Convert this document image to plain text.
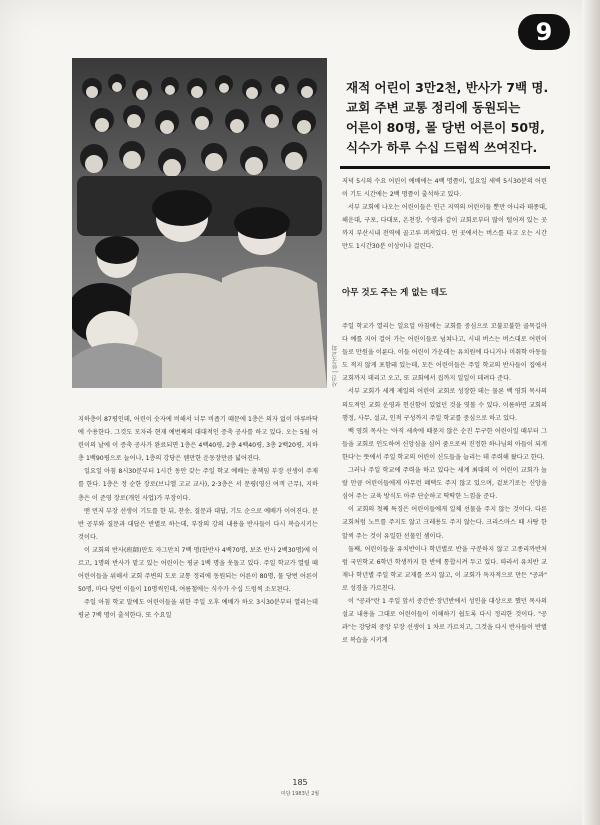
9
사진 | 한국교회
재적 어린이 3만2천, 반사가 7백 명.
교회 주변 교통 정리에 동원되는
어른이 80명, 몰 당번 어른이 50명,
식수가 하루 수십 드럼씩 쓰여진다.

저녁 5시의 수요 어린이 예배에는 4백 명쯤이, 일요일 새벽 5시30분의 어린이 기도 시간에는 2백 명쯤이 출석하고 있다.

서부 교회에 나오는 어린이들은 인근 지역의 어린이들 뿐만 아니라 태종대, 해운대, 구포, 다대포, 온천장, 수영과 같이 교회로부터 많이 떨어져 있는 곳까지 부산시내 전역에 골고루 퍼져있다. 먼 곳에서는 버스를 타고 오는 시간만도 1시간30분 이상이나 걸린다.

아무 것도 주는 게 없는 데도

주일 학교가 열리는 일요일 아침에는 교회를 중심으로 꼬불꼬불한 골목길마다 예를 지어 걸어 가는 어린이들로 넘쳐나고, 시내 버스는 버스대로 어린이들로 만원을 이룬다. 이들 어린이 가운데는 유치원에 다니거나 미취학 아동들도 적지 않게 포함돼 있는데, 모든 어린이들은 주일 학교의 반사들이 집에서 교회까지 데리고 오고, 또 교회에서 집까지 일일이 데려다 준다.

서부 교회가 세계 제일의 어린이 교회로 성장한 데는 물론 백 영희 목사의 의도적인 교회 운영과 헌신함이 있었던 것을 엿볼 수 있다. 이름하면 교회의 행정, 사무, 설교, 인적 구성까지 주일 학교를 중심으로 하고 있다.

백 영희 목사는 '아직 세속에 때묻지 않은 순진 무구한 어린이일 때부터 그들을 교회로 인도하여 신앙심을 심어 줌으로써 진정한 하나님의 아들이 되게 한다'는 뜻에서 주일 학교의 어린이 신도들을 늘리는 데 주력해 왔다고 한다.

그러나 주일 학교에 주력을 하고 있다는 세계 최대의 이 어린이 교회가 놀랄 만큼 어린이들에게 아무런 혜택도 주지 않고 있으며, 겉보기로는 신앙을 심어 주는 교육 방식도 아주 단순하고 딱딱한 느낌을 준다.

이 교회의 첫째 특징은 어린이들에게 일체 선물을 주지 않는 것이다. 다른 교회처럼 노트를 주지도 않고 크레용도 주지 않는다. 크리스마스 때 사탕 한 알씩 주는 것이 유일한 선물인 셈이다.

둘째, 어린이들을 유치반이나 학년별로 반을 구분하지 않고 고종리까반처럼 국민학교 6학년 학생까지 한 반에 통합시켜 두고 있다. 따라서 유치반 교재나 학년별 주일 학교 교재를 쓰지 않고, 이 교회가 독자적으로 만든 "공과" 로 성경을 가르친다.

이 "공과"란 1 주일 앞서 중간반·장년반에서 성인을 대상으로 했던 목사의 설교 내용을 그대로 어린이들이 이해하기 쉽도록 다시 정리한 것이다. "공과"는 강당의 중앙 부장 선생이 1 차로 가르치고, 그것을 다시 반사들이 반별로 복습을 시키게

지하층이 87평인데, 어린이 숫자에 비해서 너무 비좁기 때문에 1층은 의자 없이 마루바닥에 수용한다. 그것도 모자라 현재 예번째의 대대적인 증축 공사를 하고 있다. 오는 5월 어린이의 날에 이 증축 공사가 완료되면 1층은 4백40평, 2층 4백40평, 3층 2백20평, 지하층 1백90평으로 늘어나, 1층의 강당은 웬만한 운동장만큼 넓어진다.

일요일 아침 8시30분부터 1시간 동안 갖는 주일 학교 예배는 총책임 부장 선생이 주재를 한다. 1층은 정 순한 장로(브니엘 고교 교사), 2·3층은 서 문평(영신 여객 근무), 지하층은 이 준영 장로(개인 사업)가 부장이다.

맨 먼저 부장 선생이 기도를 한 뒤, 찬송, 질문과 대답, 기도 순으로 예배가 이어진다. 분반 공부와 질문과 대답은 반별로 하는데, 부장의 강의 내용을 반사들이 다시 복습시키는 것이다.

이 교회의 반사(班師)만도 자그만치 7백 명(한반사 4백70명, 보조 반사 2백30명)에 이르고, 1명의 반사가 맡고 있는 어린이는 평균 1백 명을 웃돌고 있다. 주일 학교가 열릴 때 어린이들을 위해서 교회 주변의 도로 교통 정리에 동원되는 어른이 80명, 물 당번 어른이 50명, 마다 당번 이들이 10명씩인데, 여름철에는 식수가 수십 드럼씩 소모된다.

주일 아침 학교 말에도 어린이들을 위한 주일 오후 예배가 하오 3시30분부터 열리는데 평균 7백 명이 출석한다. 또 수요일

185
미담 1983년 2월
